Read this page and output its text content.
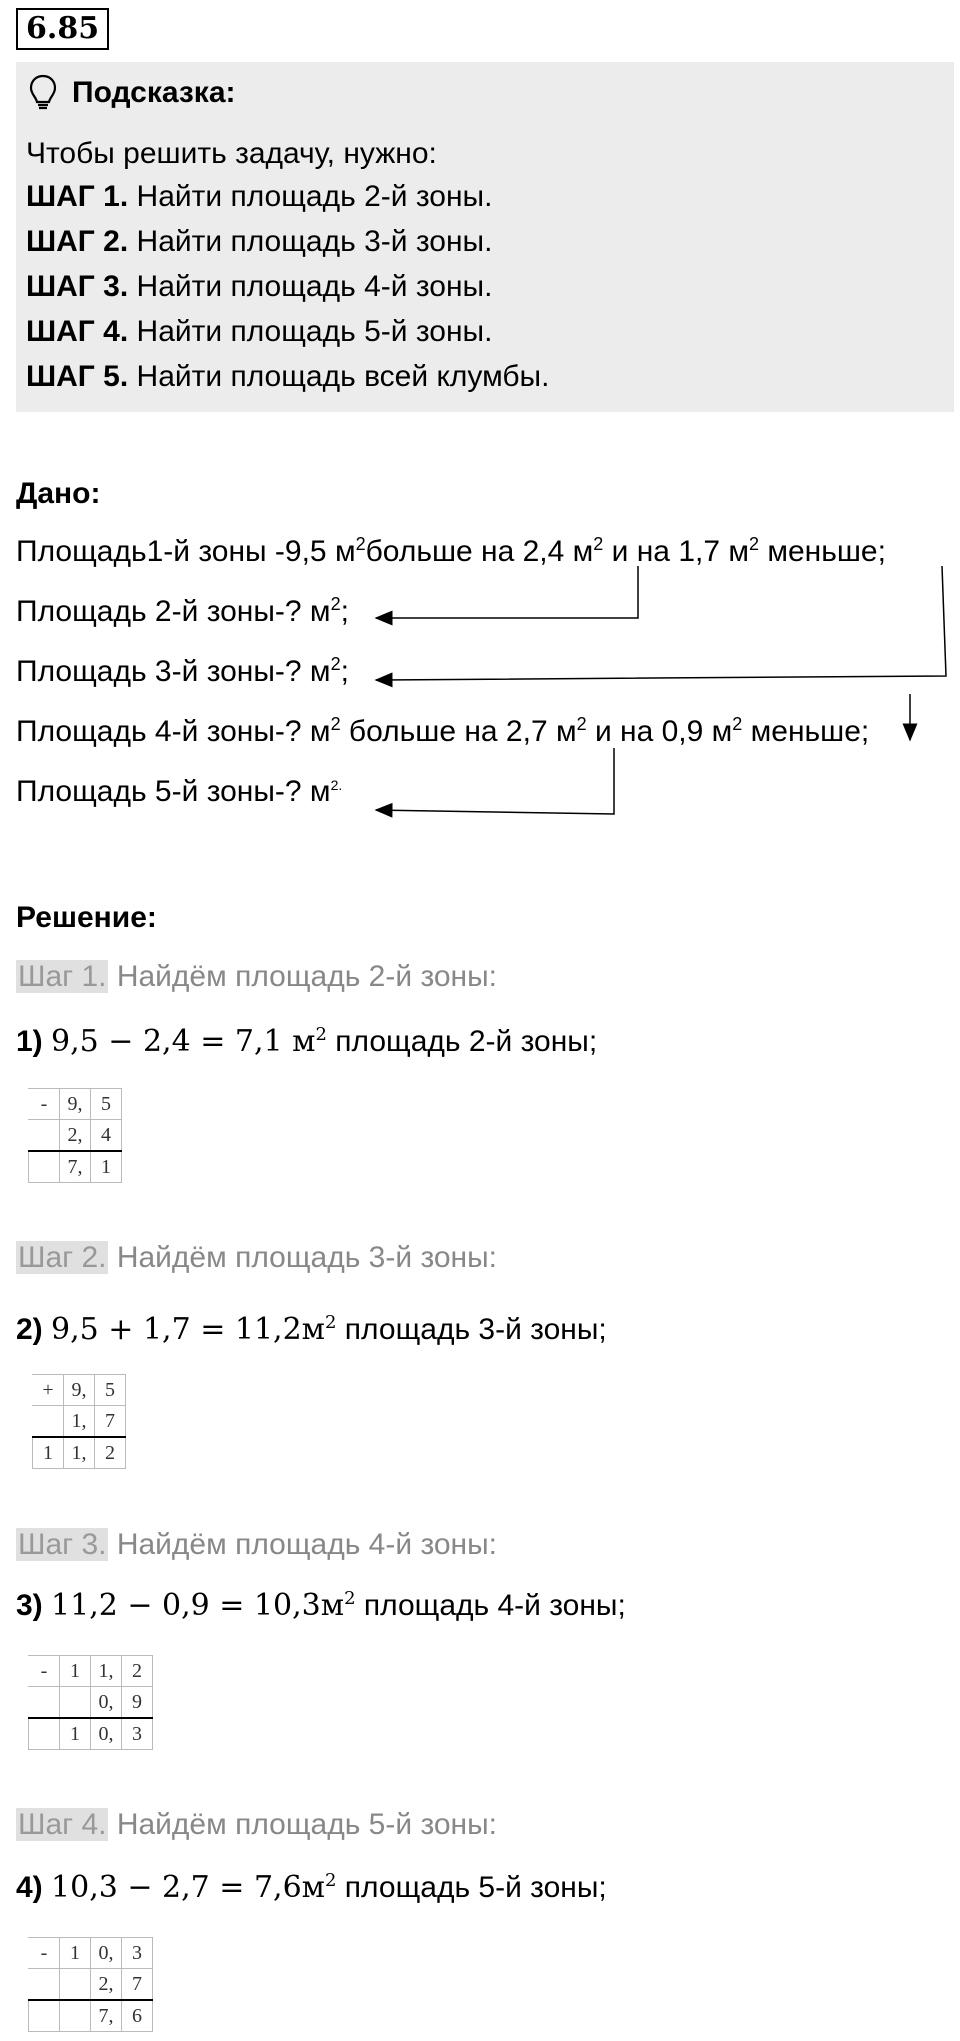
6.85
Подсказка:
Чтобы решить задачу, нужно:
ШАГ 1. Найти площадь 2-й зоны.
ШАГ 2. Найти площадь 3-й зоны.
ШАГ 3. Найти площадь 4-й зоны.
ШАГ 4. Найти площадь 5-й зоны.
ШАГ 5. Найти площадь всей клумбы.
Дано:
Площадь1-й зоны -9,5 $м^2больше$ на 2,4 $м^2$ и на 1,7 $м^2$ меньше;
Площадь 2-й зоны-? $м^2$;
Площадь 3-й зоны-? $м^2$;
Площадь 4-й зоны-? $м^2$ больше на 2,7 $м^2$ и на 0,9 $м^2$ меньше;
Площадь 5-й зоны-? $м^{2.}$
Решение:
Шаг 1. Найдём площадь 2-й зоны:
1) 9,5 − 2,4 = 7,1 $м^2$ площадь 2-й зоны;
-	9,	5
	2,	4
	7,	1
Шаг 2. Найдём площадь 3-й зоны:
2) $9,5 + 1,7 = 11,2м^2$ площадь 3-й зоны;
+	9,	5
	1,	7
1	1,	2
Шаг 3. Найдём площадь 4-й зоны:
3) $11,2 - 0,9 = 10,3м^2$ площадь 4-й зоны;
-	1	1,	2
		0,	9
	1	0,	3
Шаг 4. Найдём площадь 5-й зоны:
4) $10,3 - 2,7 = 7,6м^2$ площадь 5-й зоны;
-	1	0,	3
		2,	7
		7,	6
